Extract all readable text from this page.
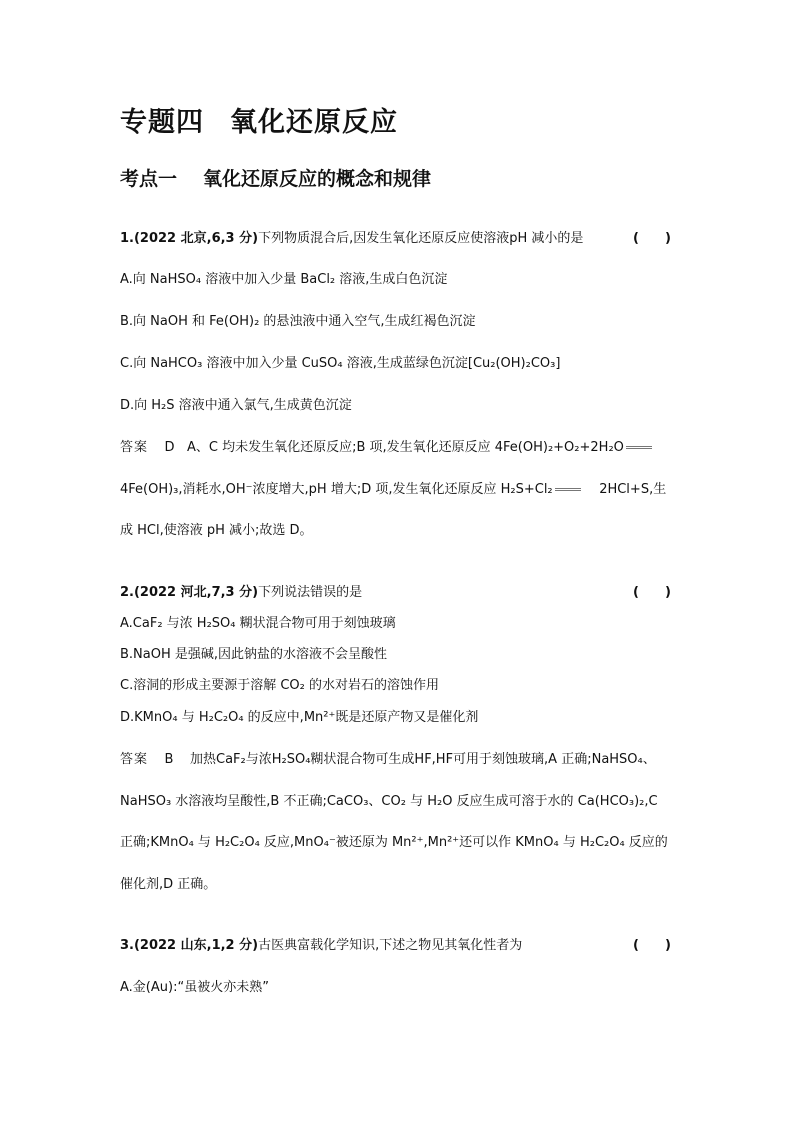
专题四 氧化还原反应
考点一 氧化还原反应的概念和规律
1.(2022 北京,6,3 分)下列物质混合后,因发生氧化还原反应使溶液pH 减小的是	(　　)
A.向 NaHSO₄ 溶液中加入少量 BaCl₂ 溶液,生成白色沉淀
B.向 NaOH 和 Fe(OH)₂ 的悬浊液中通入空气,生成红褐色沉淀
C.向 NaHCO₃ 溶液中加入少量 CuSO₄ 溶液,生成蓝绿色沉淀[Cu₂(OH)₂CO₃]
D.向 H₂S 溶液中通入氯气,生成黄色沉淀
答案 D A、C 均未发生氧化还原反应;B 项,发生氧化还原反应 4Fe(OH)₂+O₂+2H₂O
4Fe(OH)₃,消耗水,OH⁻浓度增大,pH 增大;D 项,发生氧化还原反应 H₂S+Cl₂	2HCl+S,生
成 HCl,使溶液 pH 减小;故选 D。
2.(2022 河北,7,3 分)下列说法错误的是	(　　)
A.CaF₂ 与浓 H₂SO₄ 糊状混合物可用于刻蚀玻璃
B.NaOH 是强碱,因此钠盐的水溶液不会呈酸性
C.溶洞的形成主要源于溶解 CO₂ 的水对岩石的溶蚀作用
D.KMnO₄ 与 H₂C₂O₄ 的反应中,Mn²⁺既是还原产物又是催化剂
答案 B 加热CaF₂与浓H₂SO₄糊状混合物可生成HF,HF可用于刻蚀玻璃,A 正确;NaHSO₄、
NaHSO₃ 水溶液均呈酸性,B 不正确;CaCO₃、CO₂ 与 H₂O 反应生成可溶于水的 Ca(HCO₃)₂,C
正确;KMnO₄ 与 H₂C₂O₄ 反应,MnO₄⁻被还原为 Mn²⁺,Mn²⁺还可以作 KMnO₄ 与 H₂C₂O₄ 反应的
催化剂,D 正确。
3.(2022 山东,1,2 分)古医典富载化学知识,下述之物见其氧化性者为	(　　)
A.金(Au):“虽被火亦未熟”
